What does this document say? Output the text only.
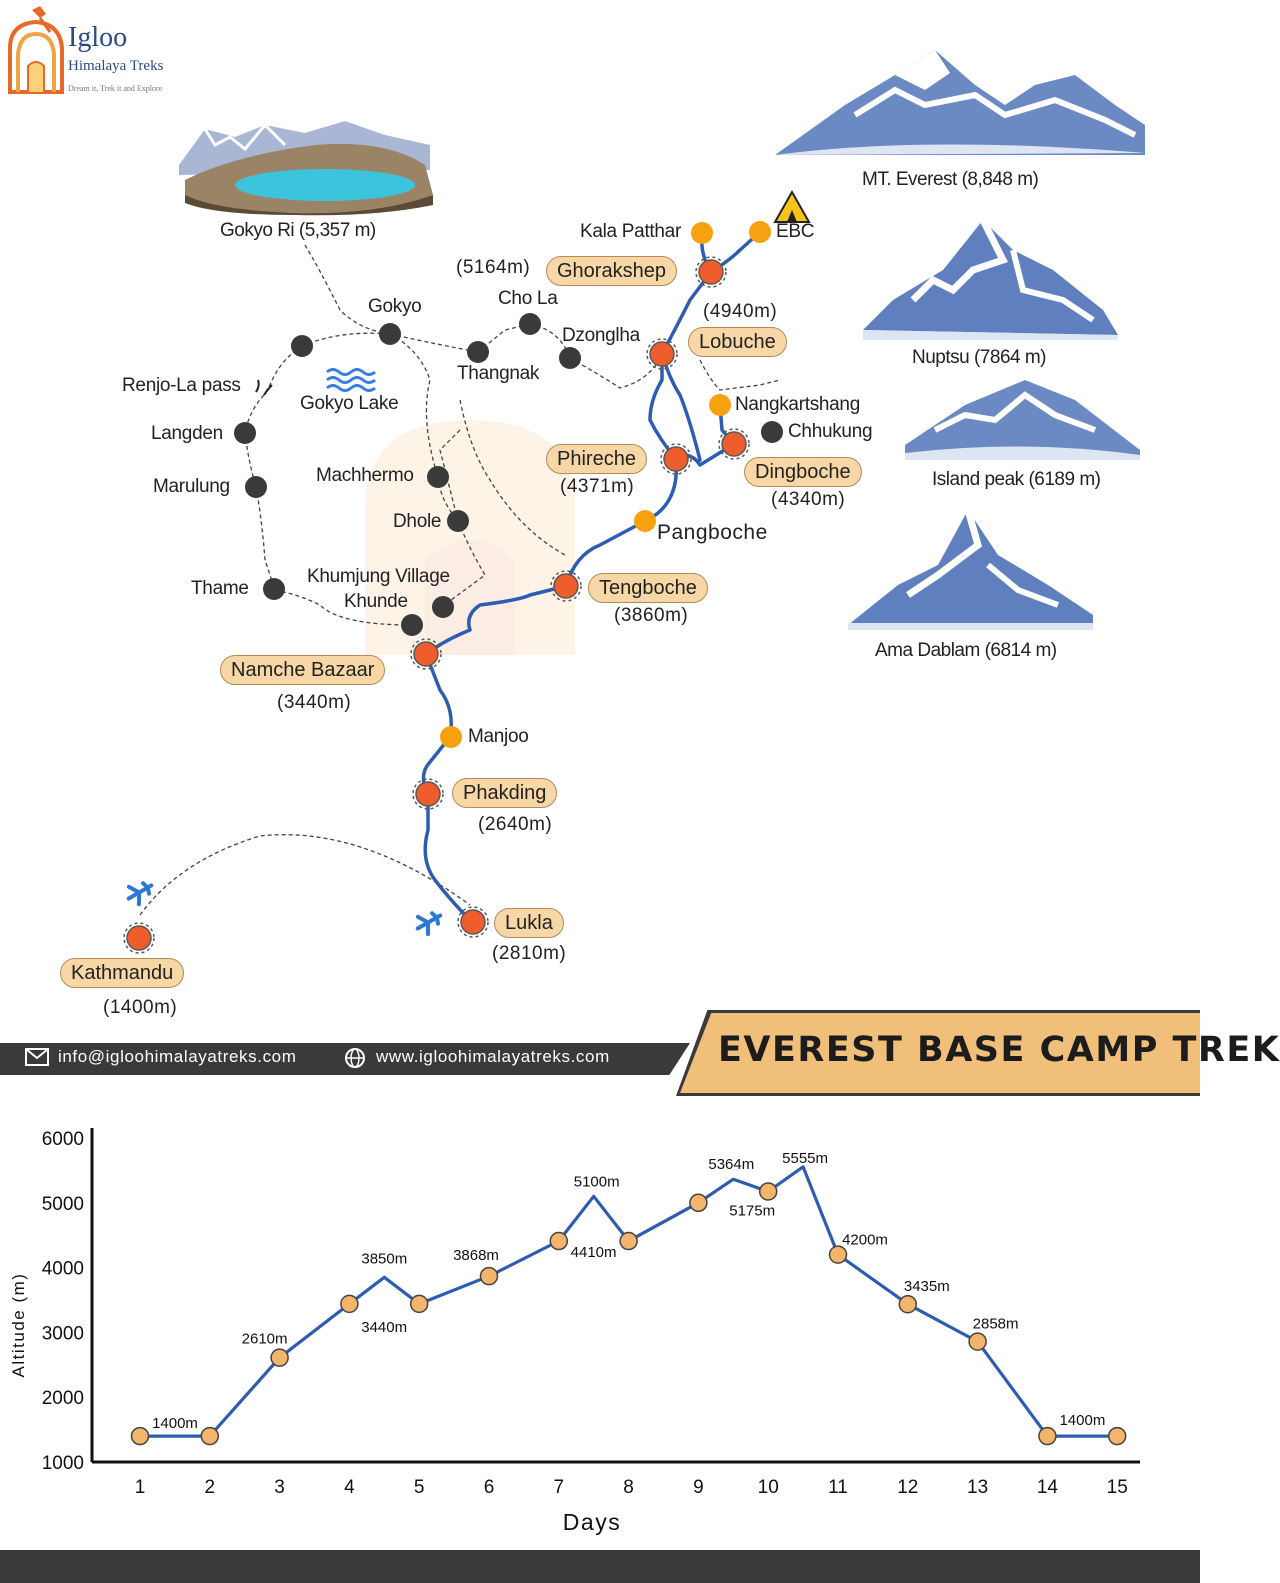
Igloo
Himalaya Treks
Dream it, Trek it and Explore
MT. Everest (8,848 m)
Nuptsu (7864 m)
Island peak (6189 m)
Ama Dablam (6814 m)
Gokyo Ri (5,357 m)	Kala Patthar	EBC
Cho La
Gokyo
Dzonglha
Thangnak
Renjo-La pass
Gokyo Lake
Langden
Marulung
Machhermo
Dhole
Nangkartshang
Chhukung
Pangboche
Thame
Khumjung Village
Khunde
Manjoo
(5164m)	Ghorakshep
(4940m)
Lobuche
Phireche
(4371m)
Dingboche
(4340m)
Tengboche
(3860m)
Namche Bazaar
(3440m)
Phakding
(2640m)
Lukla
(2810m)
Kathmandu
(1400m)
info@igloohimalayatreks.com	www.igloohimalayatreks.com	EVEREST BASE CAMP TREK
1000
2000
3000
4000
5000
6000
1	2	3	4	5	6	7	8	9	10	11	12	13	14	15
Days
Altitude (m)
1400m
2610m
3850m
3440m
3868m
5100m
4410m
5364m
5175m
5555m
4200m
3435m
2858m
1400m
